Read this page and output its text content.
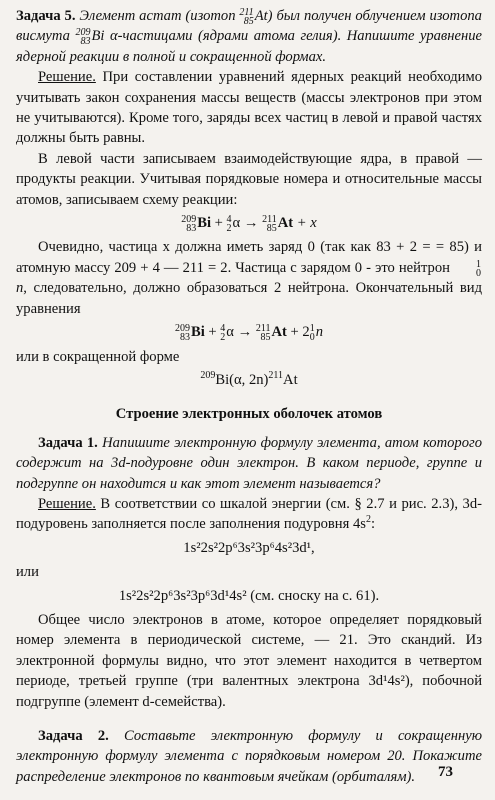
Задача 5. Элемент астат (изотоп 211
85 At) был получен облучением изотопа висмута 209
83 Bi α-частицами (ядрами атома гелия). Напишите уравнение ядерной реакции в полной и сокращенной формах.

Решение. При составлении уравнений ядерных реакций необходимо учитывать закон сохранения массы веществ (массы электронов при этом не учитываются). Кроме того, заряды всех частиц в левой и правой частях должны быть равны.

В левой части записываем взаимодействующие ядра, в правой — продукты реакции. Учитывая порядковые номера и относительные массы атомов, записываем схему реакции:

209
83 Bi + 4
2 α → 211
85 At + x

Очевидно, частица x должна иметь заряд 0 (так как 83 + 2 = = 85) и атомную массу 209 + 4 — 211 = 2. Частица с зарядом 0 - это нейтрон	1
0
n, следовательно, должно образоваться 2 нейтрона. Окончательный вид уравнения

209
83 Bi + 4
2 α → 211
85 At + 2 1
0 n

или в сокращенной форме

$^{209}$Bi(α, 2n)$^{211}$At
Строение электронных оболочек атомов

Задача 1. Напишите электронную формулу элемента, атом которого содержит на 3d-подуровне один электрон. В каком периоде, группе и подгруппе он находится и как этот элемент называется?

Решение. В соответствии со шкалой энергии (см. § 2.7 и рис. 2.3), 3d-подуровень заполняется после заполнения подуровня $4s^2$:

1s²2s²2p⁶3s²3p⁶4s²3d¹,

или

1s²2s²2p⁶3s²3p⁶3d¹4s² (см. сноску на с. 61).

Общее число электронов в атоме, которое определяет порядковый номер элемента в периодической системе, — 21. Это скандий. Из электронной формулы видно, что этот элемент находится в четвертом периоде, третьей группе (три валентных электрона 3d¹4s²), побочной подгруппе (элемент d-семейства).

Задача 2. Составьте электронную формулу и сокращенную электронную формулу элемента с порядковым номером 20. Покажите распределение электронов по квантовым ячейкам (орбиталям).	73
